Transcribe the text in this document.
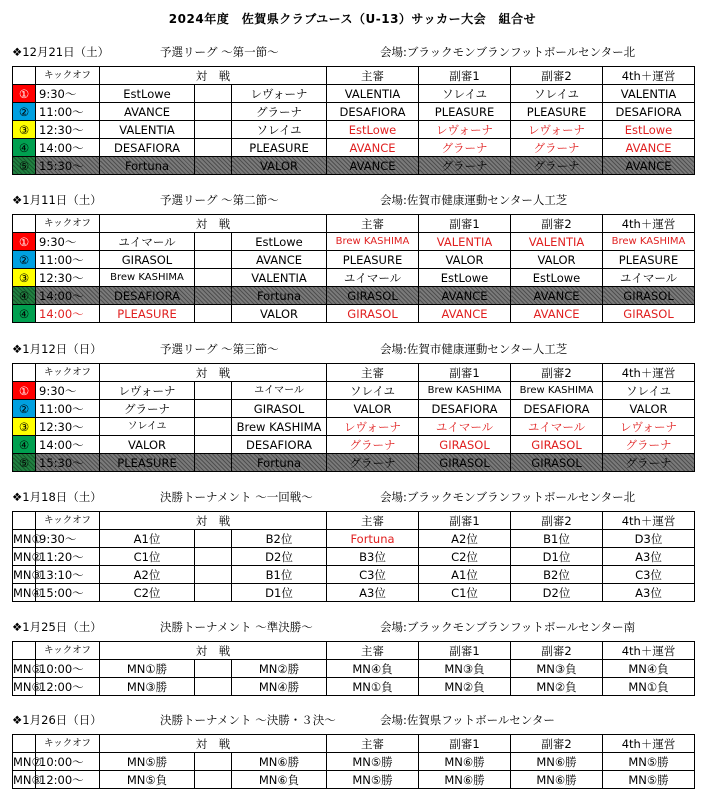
2024年度　佐賀県クラブユース（U-13）サッカー大会　組合せ
❖12月21日（土）	予選リーグ ～第一節～	会場:ブラックモンブランフットボールセンター北
	キックオフ	対　戦			主審	副審1	副審2	4th＋運営
①	9:30～	EstLowe		レヴォーナ	VALENTIA	ソレイユ	ソレイユ	VALENTIA
②	11:00～	AVANCE		グラーナ	DESAFIORA	PLEASURE	PLEASURE	DESAFIORA
③	12:30～	VALENTIA		ソレイユ	EstLowe	レヴォーナ	レヴォーナ	EstLowe
④	14:00～	DESAFIORA		PLEASURE	AVANCE	グラーナ	グラーナ	AVANCE
⑤	15:30～	Fortuna		VALOR	AVANCE	グラーナ	グラーナ	AVANCE
❖1月11日（土）	予選リーグ ～第二節～	会場:佐賀市健康運動センター人工芝
	キックオフ	対　戦			主審	副審1	副審2	4th＋運営
①	9:30～	ユイマール		EstLowe	Brew KASHIMA	VALENTIA	VALENTIA	Brew KASHIMA
②	11:00～	GIRASOL		AVANCE	PLEASURE	VALOR	VALOR	PLEASURE
③	12:30～	Brew KASHIMA		VALENTIA	ユイマール	EstLowe	EstLowe	ユイマール
④	14:00～	DESAFIORA		Fortuna	GIRASOL	AVANCE	AVANCE	GIRASOL
④	14:00～	PLEASURE		VALOR	GIRASOL	AVANCE	AVANCE	GIRASOL
❖1月12日（日）	予選リーグ ～第三節～	会場:佐賀市健康運動センター人工芝
	キックオフ	対　戦			主審	副審1	副審2	4th＋運営
①	9:30～	レヴォーナ		ユイマール	ソレイユ	Brew KASHIMA	Brew KASHIMA	ソレイユ
②	11:00～	グラーナ		GIRASOL	VALOR	DESAFIORA	DESAFIORA	VALOR
③	12:30～	ソレイユ		Brew KASHIMA	レヴォーナ	ユイマール	ユイマール	レヴォーナ
④	14:00～	VALOR		DESAFIORA	グラーナ	GIRASOL	GIRASOL	グラーナ
⑤	15:30～	PLEASURE		Fortuna	グラーナ	GIRASOL	GIRASOL	グラーナ
❖1月18日（土）	決勝トーナメント ～一回戦～	会場:ブラックモンブランフットボールセンター北
	キックオフ	対　戦			主審	副審1	副審2	4th＋運営
MN①	9:30～	A1位		B2位	Fortuna	A2位	B1位	D3位
MN②	11:20～	C1位		D2位	B3位	C2位	D1位	A3位
MN③	13:10～	A2位		B1位	C3位	A1位	B2位	C3位
MN④	15:00～	C2位		D1位	A3位	C1位	D2位	A3位
❖1月25日（土）	決勝トーナメント ～準決勝～	会場:ブラックモンブランフットボールセンター南
	キックオフ	対　戦			主審	副審1	副審2	4th＋運営
MN⑤	10:00～	MN①勝		MN②勝	MN④負	MN③負	MN③負	MN④負
MN⑥	12:00～	MN③勝		MN④勝	MN①負	MN②負	MN②負	MN①負
❖1月26日（日）	決勝トーナメント ～決勝・３決～	会場:佐賀県フットボールセンター
	キックオフ	対　戦			主審	副審1	副審2	4th＋運営
MN⑦	10:00～	MN⑤勝		MN⑥勝	MN⑤勝	MN⑥勝	MN⑥勝	MN⑤勝
MN⑧	12:00～	MN⑤負		MN⑥負	MN⑤勝	MN⑥勝	MN⑥勝	MN⑤勝
